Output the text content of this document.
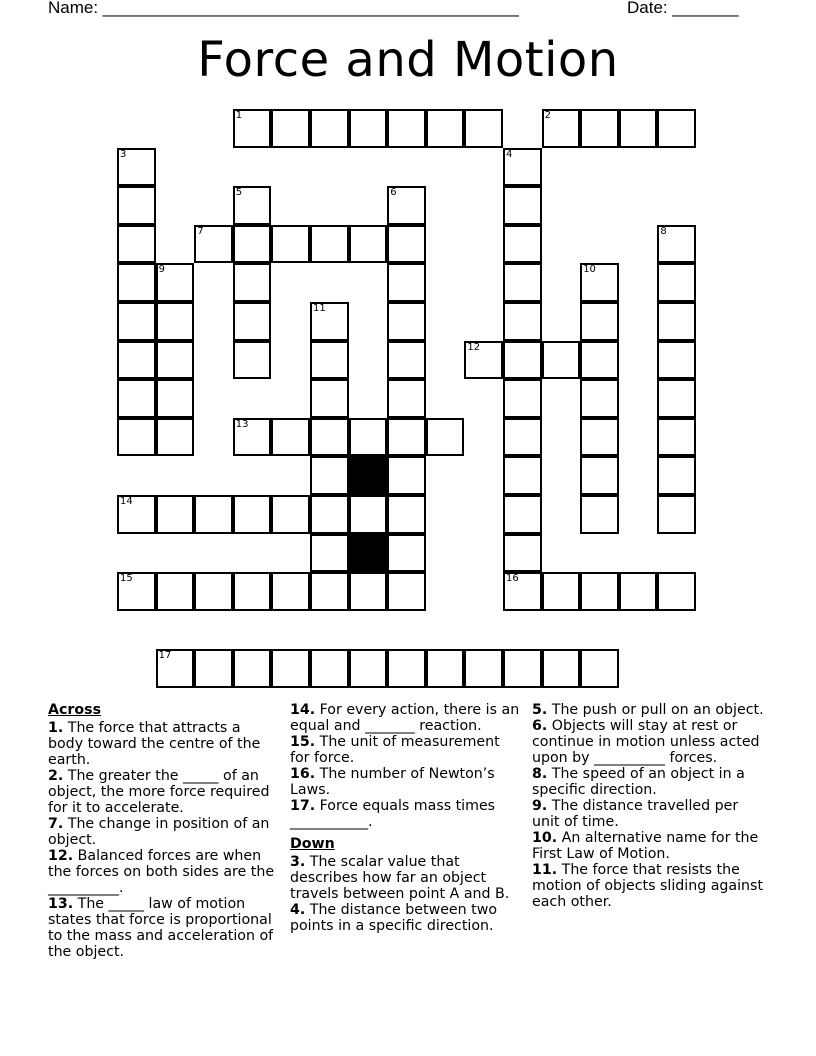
Name: ____________________________________________	Date: _______
Force and Motion
1	2
3	4
5	6
7	8
9	10
11
12
13
14
15	16
17
Across
1. The force that attracts a body toward the centre of the earth.
2. The greater the _____ of an object, the more force required for it to accelerate.
7. The change in position of an object.
12. Balanced forces are when the forces on both sides are the __________.
13. The _____ law of motion states that force is proportional to the mass and acceleration of the object.
14. For every action, there is an equal and _______ reaction.
15. The unit of measurement for force.
16. The number of Newton’s Laws.
17. Force equals mass times ___________.
Down
3. The scalar value that describes how far an object travels between point A and B.
4. The distance between two points in a specific direction.
5. The push or pull on an object.
6. Objects will stay at rest or continue in motion unless acted upon by __________ forces.
8. The speed of an object in a specific direction.
9. The distance travelled per unit of time.
10. An alternative name for the First Law of Motion.
11. The force that resists the motion of objects sliding against each other.
